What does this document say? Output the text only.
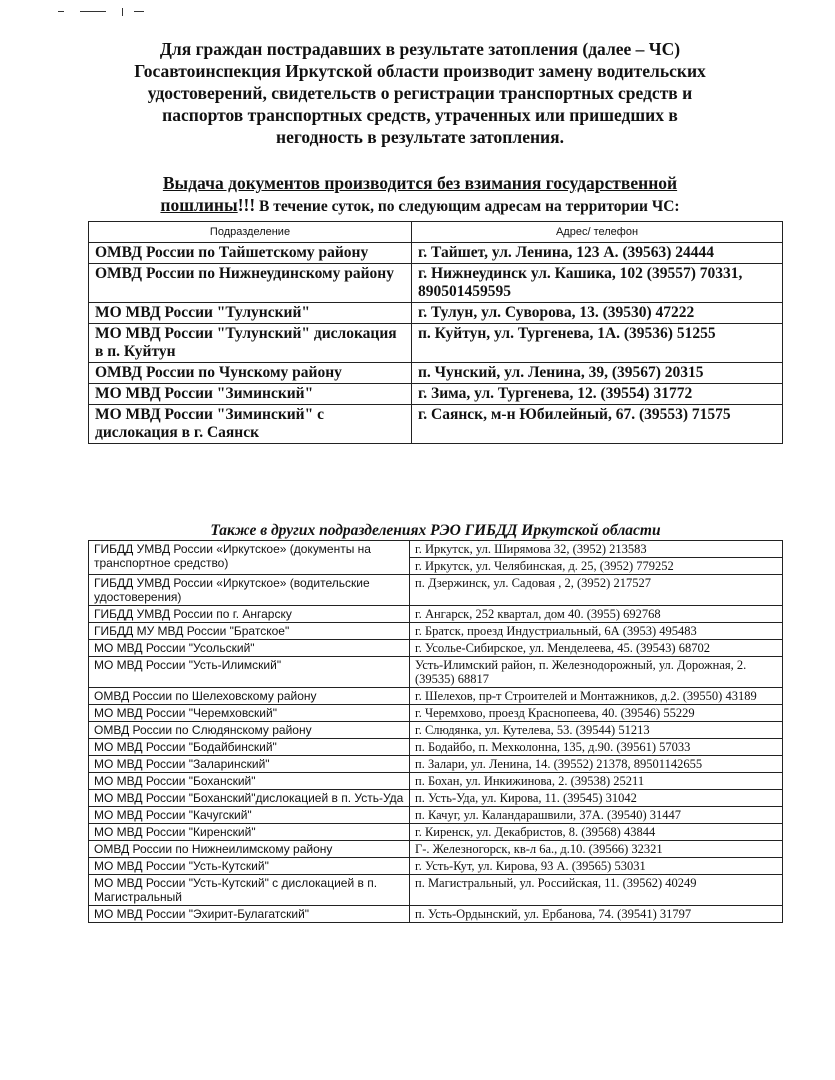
Для граждан пострадавших в результате затопления (далее – ЧС)
Госавтоинспекция Иркутской области производит замену водительских
удостоверений, свидетельств о регистрации транспортных средств и
паспортов транспортных средств, утраченных или пришедших в
негодность в результате затопления.
Выдача документов производится без взимания государственной
пошлины!!! В течение суток, по следующим адресам на территории ЧС:
Подразделение	Адрес/ телефон
ОМВД России по Тайшетскому району	г. Тайшет, ул. Ленина, 123 А. (39563) 24444
ОМВД России по Нижнеудинскому району	г. Нижнеудинск ул. Кашика, 102 (39557) 70331, 890501459595
МО МВД России "Тулунский"	г. Тулун, ул. Суворова, 13. (39530) 47222
МО МВД России "Тулунский" дислокация в п. Куйтун	п. Куйтун, ул. Тургенева, 1А. (39536) 51255
ОМВД России по Чунскому району	п. Чунский, ул. Ленина, 39, (39567) 20315
МО МВД России "Зиминский"	г. Зима, ул. Тургенева, 12. (39554) 31772
МО МВД России "Зиминский" с дислокация в г. Саянск	г. Саянск, м-н Юбилейный, 67. (39553) 71575
Также в других подразделениях РЭО ГИБДД Иркутской области
ГИБДД УМВД России «Иркутское» (документы на транспортное средство)	г. Иркутск, ул. Ширямова 32, (3952) 213583
	г. Иркутск, ул. Челябинская, д. 25, (3952) 779252
ГИБДД УМВД России «Иркутское» (водительские удостоверения)	п. Дзержинск, ул. Садовая , 2, (3952) 217527
ГИБДД УМВД России по г. Ангарску	г. Ангарск, 252 квартал, дом 40. (3955) 692768
ГИБДД МУ МВД России "Братское"	г. Братск, проезд Индустриальный, 6А (3953) 495483
МО МВД России "Усольский"	г. Усолье-Сибирское, ул. Менделеева, 45. (39543) 68702
МО МВД России "Усть-Илимский"	Усть-Илимский район, п. Железнодорожный, ул. Дорожная, 2. (39535) 68817
ОМВД России по Шелеховскому району	г. Шелехов, пр-т Строителей и Монтажников, д.2. (39550) 43189
МО МВД России "Черемховский"	г. Черемхово, проезд Краснопеева, 40. (39546) 55229
ОМВД России по Слюдянскому району	г. Слюдянка, ул. Кутелева, 53. (39544) 51213
МО МВД России "Бодайбинский"	п. Бодайбо, п. Мехколонна, 135, д.90. (39561) 57033
МО МВД России "Заларинский"	п. Залари, ул. Ленина, 14. (39552) 21378, 89501142655
МО МВД России "Боханский"	п. Бохан, ул. Инкижинова, 2. (39538) 25211
МО МВД России "Боханский"дислокацией в п. Усть-Уда	п. Усть-Уда, ул. Кирова, 11. (39545) 31042
МО МВД России "Качугский"	п. Качуг, ул. Каландарашвили, 37А. (39540) 31447
МО МВД России "Киренский"	г. Киренск, ул. Декабристов, 8. (39568) 43844
ОМВД России по Нижнеилимскому району	Г-. Железногорск, кв-л 6а., д.10. (39566) 32321
МО МВД России "Усть-Кутский"	г. Усть-Кут, ул. Кирова, 93 А. (39565) 53031
МО МВД России "Усть-Кутский" с дислокацией в п. Магистральный	п. Магистральный, ул. Российская, 11. (39562) 40249
МО МВД России "Эхирит-Булагатский"	п. Усть-Ордынский, ул. Ербанова, 74. (39541) 31797
